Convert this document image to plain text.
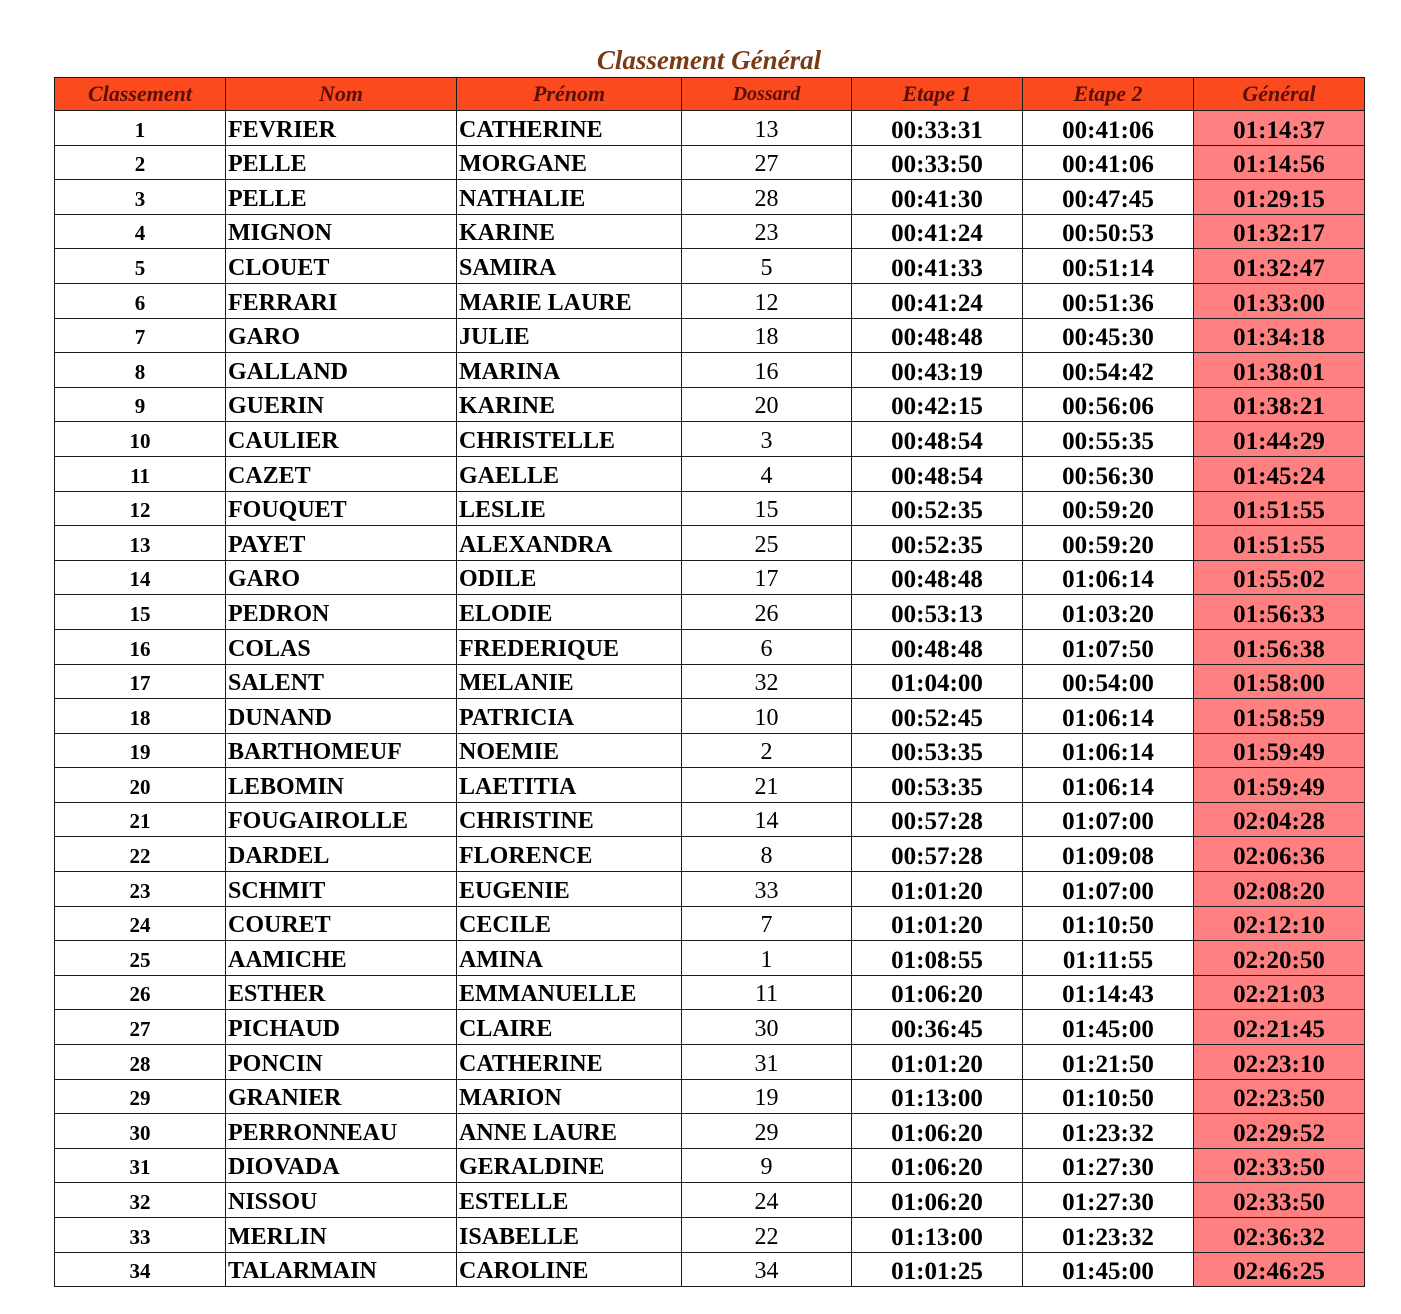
Classement Général
Classement	Nom	Prénom	Dossard	Etape 1	Etape 2	Général
1	FEVRIER	CATHERINE	13	00:33:31	00:41:06	01:14:37
2	PELLE	MORGANE	27	00:33:50	00:41:06	01:14:56
3	PELLE	NATHALIE	28	00:41:30	00:47:45	01:29:15
4	MIGNON	KARINE	23	00:41:24	00:50:53	01:32:17
5	CLOUET	SAMIRA	5	00:41:33	00:51:14	01:32:47
6	FERRARI	MARIE LAURE	12	00:41:24	00:51:36	01:33:00
7	GARO	JULIE	18	00:48:48	00:45:30	01:34:18
8	GALLAND	MARINA	16	00:43:19	00:54:42	01:38:01
9	GUERIN	KARINE	20	00:42:15	00:56:06	01:38:21
10	CAULIER	CHRISTELLE	3	00:48:54	00:55:35	01:44:29
11	CAZET	GAELLE	4	00:48:54	00:56:30	01:45:24
12	FOUQUET	LESLIE	15	00:52:35	00:59:20	01:51:55
13	PAYET	ALEXANDRA	25	00:52:35	00:59:20	01:51:55
14	GARO	ODILE	17	00:48:48	01:06:14	01:55:02
15	PEDRON	ELODIE	26	00:53:13	01:03:20	01:56:33
16	COLAS	FREDERIQUE	6	00:48:48	01:07:50	01:56:38
17	SALENT	MELANIE	32	01:04:00	00:54:00	01:58:00
18	DUNAND	PATRICIA	10	00:52:45	01:06:14	01:58:59
19	BARTHOMEUF	NOEMIE	2	00:53:35	01:06:14	01:59:49
20	LEBOMIN	LAETITIA	21	00:53:35	01:06:14	01:59:49
21	FOUGAIROLLE	CHRISTINE	14	00:57:28	01:07:00	02:04:28
22	DARDEL	FLORENCE	8	00:57:28	01:09:08	02:06:36
23	SCHMIT	EUGENIE	33	01:01:20	01:07:00	02:08:20
24	COURET	CECILE	7	01:01:20	01:10:50	02:12:10
25	AAMICHE	AMINA	1	01:08:55	01:11:55	02:20:50
26	ESTHER	EMMANUELLE	11	01:06:20	01:14:43	02:21:03
27	PICHAUD	CLAIRE	30	00:36:45	01:45:00	02:21:45
28	PONCIN	CATHERINE	31	01:01:20	01:21:50	02:23:10
29	GRANIER	MARION	19	01:13:00	01:10:50	02:23:50
30	PERRONNEAU	ANNE LAURE	29	01:06:20	01:23:32	02:29:52
31	DIOVADA	GERALDINE	9	01:06:20	01:27:30	02:33:50
32	NISSOU	ESTELLE	24	01:06:20	01:27:30	02:33:50
33	MERLIN	ISABELLE	22	01:13:00	01:23:32	02:36:32
34	TALARMAIN	CAROLINE	34	01:01:25	01:45:00	02:46:25
